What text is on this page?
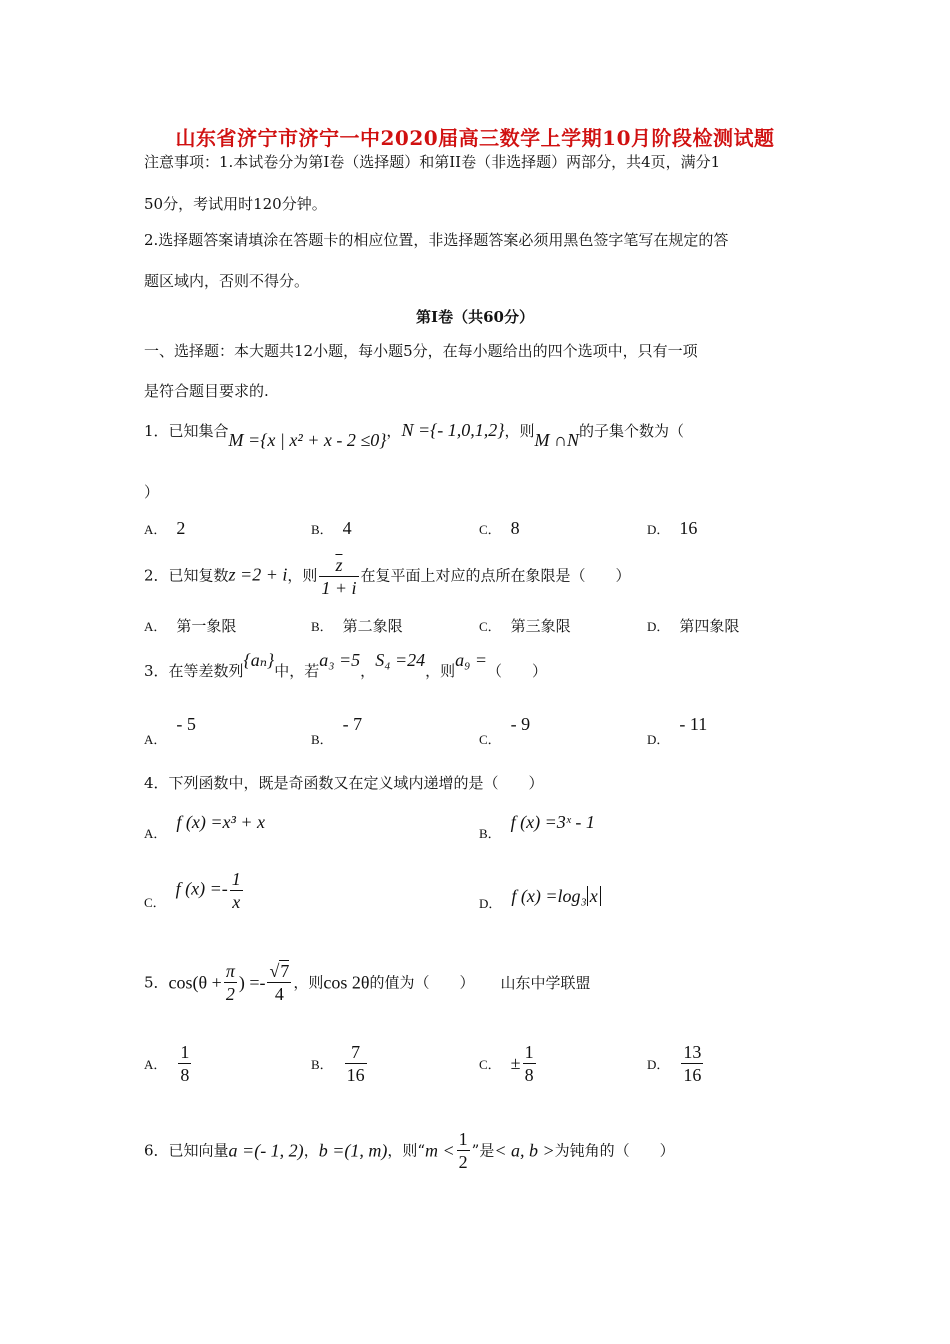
山东省济宁市济宁一中2020届高三数学上学期10月阶段检测试题
注意事项：1.本试卷分为第I卷（选择题）和第II卷（非选择题）两部分，共4页，满分1
50分，考试用时120分钟。
2.选择题答案请填涂在答题卡的相应位置，非选择题答案必须用黑色签字笔写在规定的答
题区域内，否则不得分。
第I卷（共60分）
一、选择题：本大题共12小题，每小题5分，在每小题给出的四个选项中，只有一项
是符合题目要求的.
1．已知集合M ={x | x² + x - 2 ≤0}，N ={- 1,0,1,2}，则M ∩N的子集个数为（
）
A． 2	B． 4	C． 8	D． 16
2．已知复数z =2 + i，则 $\frac{\overline{z}}{1 + i}$ 在复平面上对应的点所在象限是（　　）
A． 第一象限	B． 第二象限	C． 第三象限	D． 第四象限
3．在等差数列{aₙ}中，若a₃ =5，S₄ =24，则a₉ =（　　）
A．- 5
B．- 7
C．- 9
D．- 11
4．下列函数中，既是奇函数又在定义域内递增的是（　　）
A．f (x) =x³ + x
B．f (x) =3ˣ - 1
C．f $(x) =- \frac{1}{x}$	D． f (x) =log₃ x
5．$\cos(\theta + \frac{\pi}{2}$ ) =- $\frac{√7}{4}$ ，则cos 2θ的值为（　　） 山东中学联盟
A． $\frac{1}{8}$	B． $\frac{7}{16}$	C． ± $\frac{1}{8}$	D． $\frac{13}{16}$
6．已知向量a =(- 1, 2)，b =(1, m)，则“$m < \frac{1}{2}$ ”是< a, b >为钝角的（　　）
